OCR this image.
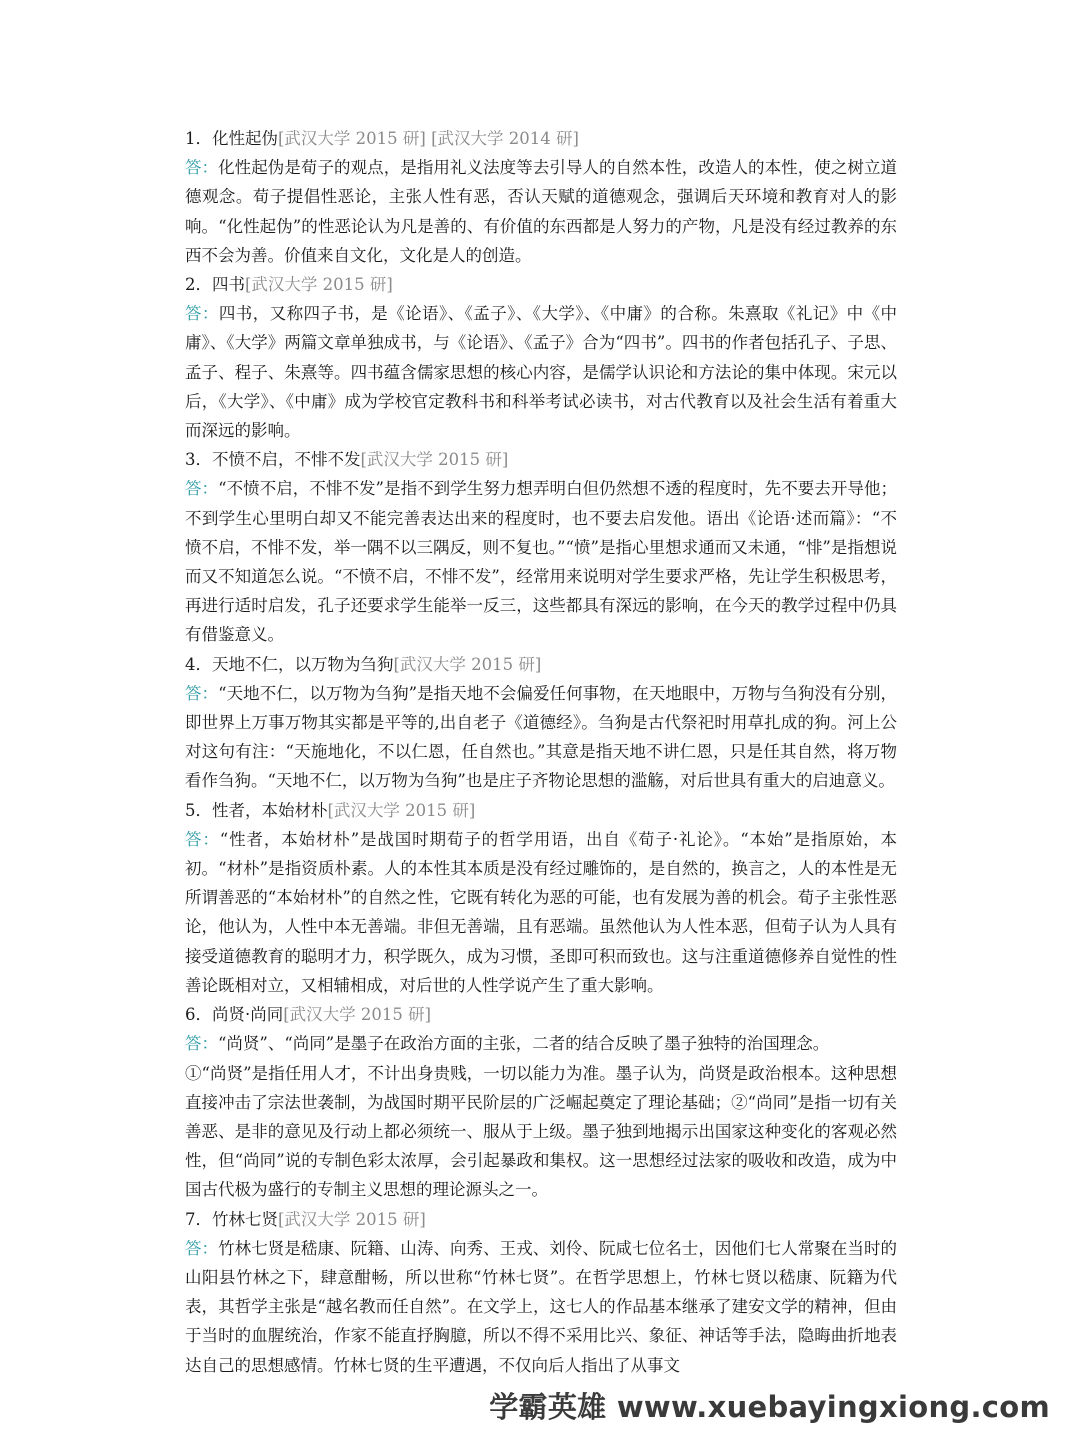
1．化性起伪[武汉大学 2015 研] [武汉大学 2014 研]

答：化性起伪是荀子的观点，是指用礼义法度等去引导人的自然本性，改造人的本性，使之树立道德观念。荀子提倡性恶论，主张人性有恶，否认天赋的道德观念，强调后天环境和教育对人的影响。“化性起伪”的性恶论认为凡是善的、有价值的东西都是人努力的产物，凡是没有经过教养的东西不会为善。价值来自文化，文化是人的创造。

2．四书[武汉大学 2015 研]

答：四书，又称四子书，是《论语》、《孟子》、《大学》、《中庸》的合称。朱熹取《礼记》中《中庸》、《大学》两篇文章单独成书，与《论语》、《孟子》合为“四书”。四书的作者包括孔子、子思、孟子、程子、朱熹等。四书蕴含儒家思想的核心内容，是儒学认识论和方法论的集中体现。宋元以后，《大学》、《中庸》成为学校官定教科书和科举考试必读书，对古代教育以及社会生活有着重大而深远的影响。

3．不愤不启，不悱不发[武汉大学 2015 研]

答：“不愤不启，不悱不发”是指不到学生努力想弄明白但仍然想不透的程度时，先不要去开导他；不到学生心里明白却又不能完善表达出来的程度时，也不要去启发他。语出《论语·述而篇》：“不愤不启，不悱不发，举一隅不以三隅反，则不复也。”“愤”是指心里想求通而又未通，“悱”是指想说而又不知道怎么说。“不愤不启，不悱不发”，经常用来说明对学生要求严格，先让学生积极思考，再进行适时启发，孔子还要求学生能举一反三，这些都具有深远的影响，在今天的教学过程中仍具有借鉴意义。

4．天地不仁，以万物为刍狗[武汉大学 2015 研]

答：“天地不仁，以万物为刍狗”是指天地不会偏爱任何事物，在天地眼中，万物与刍狗没有分别，即世界上万事万物其实都是平等的,出自老子《道德经》。刍狗是古代祭祀时用草扎成的狗。河上公对这句有注：“天施地化，不以仁恩，任自然也。”其意是指天地不讲仁恩，只是任其自然，将万物看作刍狗。“天地不仁，以万物为刍狗”也是庄子齐物论思想的滥觞，对后世具有重大的启迪意义。

5．性者，本始材朴[武汉大学 2015 研]

答：“性者，本始材朴”是战国时期荀子的哲学用语，出自《荀子·礼论》。“本始”是指原始，本初。“材朴”是指资质朴素。人的本性其本质是没有经过雕饰的，是自然的，换言之，人的本性是无所谓善恶的“本始材朴”的自然之性，它既有转化为恶的可能，也有发展为善的机会。荀子主张性恶论，他认为，人性中本无善端。非但无善端，且有恶端。虽然他认为人性本恶，但荀子认为人具有接受道德教育的聪明才力，积学既久，成为习惯，圣即可积而致也。这与注重道德修养自觉性的性善论既相对立，又相辅相成，对后世的人性学说产生了重大影响。

6．尚贤·尚同[武汉大学 2015 研]

答：“尚贤”、“尚同”是墨子在政治方面的主张，二者的结合反映了墨子独特的治国理念。

①“尚贤”是指任用人才，不计出身贵贱，一切以能力为准。墨子认为，尚贤是政治根本。这种思想直接冲击了宗法世袭制，为战国时期平民阶层的广泛崛起奠定了理论基础；②“尚同”是指一切有关善恶、是非的意见及行动上都必须统一、服从于上级。墨子独到地揭示出国家这种变化的客观必然性，但“尚同”说的专制色彩太浓厚，会引起暴政和集权。这一思想经过法家的吸收和改造，成为中国古代极为盛行的专制主义思想的理论源头之一。

7．竹林七贤[武汉大学 2015 研]

答：竹林七贤是嵇康、阮籍、山涛、向秀、王戎、刘伶、阮咸七位名士，因他们七人常聚在当时的山阳县竹林之下，肆意酣畅，所以世称“竹林七贤”。在哲学思想上，竹林七贤以嵇康、阮籍为代表，其哲学主张是“越名教而任自然”。在文学上，这七人的作品基本继承了建安文学的精神，但由于当时的血腥统治，作家不能直抒胸臆，所以不得不采用比兴、象征、神话等手法，隐晦曲折地表达自己的思想感情。竹林七贤的生平遭遇，不仅向后人指出了从事文

学霸英雄 www.xuebayingxiong.com
